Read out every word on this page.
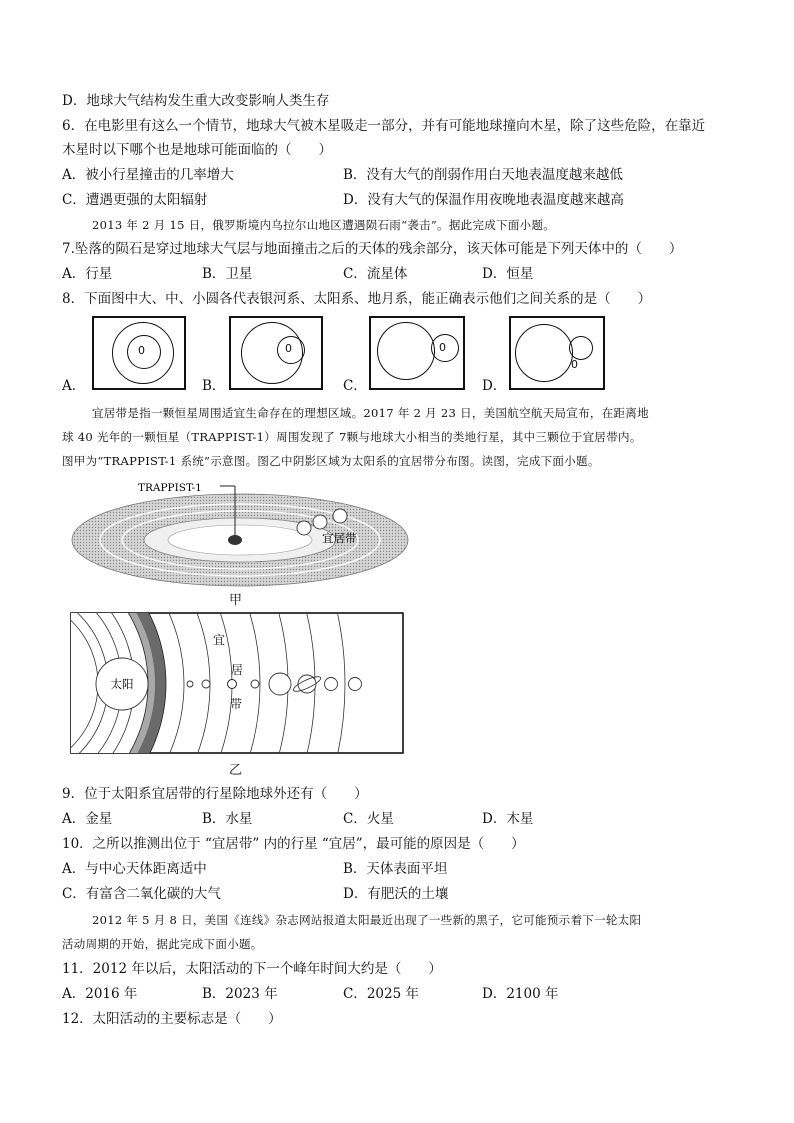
D．地球大气结构发生重大改变影响人类生存
6．在电影里有这么一个情节，地球大气被木星吸走一部分，并有可能地球撞向木星，除了这些危险，在靠近
木星时以下哪个也是地球可能面临的（　　）
A．被小行星撞击的几率增大	B．没有大气的削弱作用白天地表温度越来越低
C．遭遇更强的太阳辐射	D．没有大气的保温作用夜晚地表温度越来越高
2013 年 2 月 15 日，俄罗斯境内乌拉尔山地区遭遇陨石雨“袭击”。据此完成下面小题。
7.坠落的陨石是穿过地球大气层与地面撞击之后的天体的残余部分，该天体可能是下列天体中的（　　）
A．行星	B．卫星	C．流星体	D．恒星
8．下面图中大、中、小圆各代表银河系、太阳系、地月系，能正确表示他们之间关系的是（　　）
0
A．
0
B．
0
C．
0
D．
宜居带是指一颗恒星周围适宜生命存在的理想区域。2017 年 2 月 23 日，美国航空航天局宣布，在距离地
球 40 光年的一颗恒星（TRAPPIST-1）周围发现了 7颗与地球大小相当的类地行星，其中三颗位于宜居带内。
图甲为“TRAPPIST-1 系统”示意图。图乙中阴影区域为太阳系的宜居带分布图。读图，完成下面小题。
TRAPPIST-1
宜居带
甲
太阳
宜
居
带
乙
9．位于太阳系宜居带的行星除地球外还有（　　）
A．金星	B．水星	C．火星	D．木星
10．之所以推测出位于 “宜居带” 内的行星 “宜居”，最可能的原因是（　　）
A．与中心天体距离适中	B．天体表面平坦
C．有富含二氧化碳的大气	D．有肥沃的土壤
2012 年 5 月 8 日，美国《连线》杂志网站报道太阳最近出现了一些新的黑子，它可能预示着下一轮太阳
活动周期的开始，据此完成下面小题。
11．2012 年以后，太阳活动的下一个峰年时间大约是（　　）
A．2016 年	B．2023 年	C．2025 年	D．2100 年
12．太阳活动的主要标志是（　　）
